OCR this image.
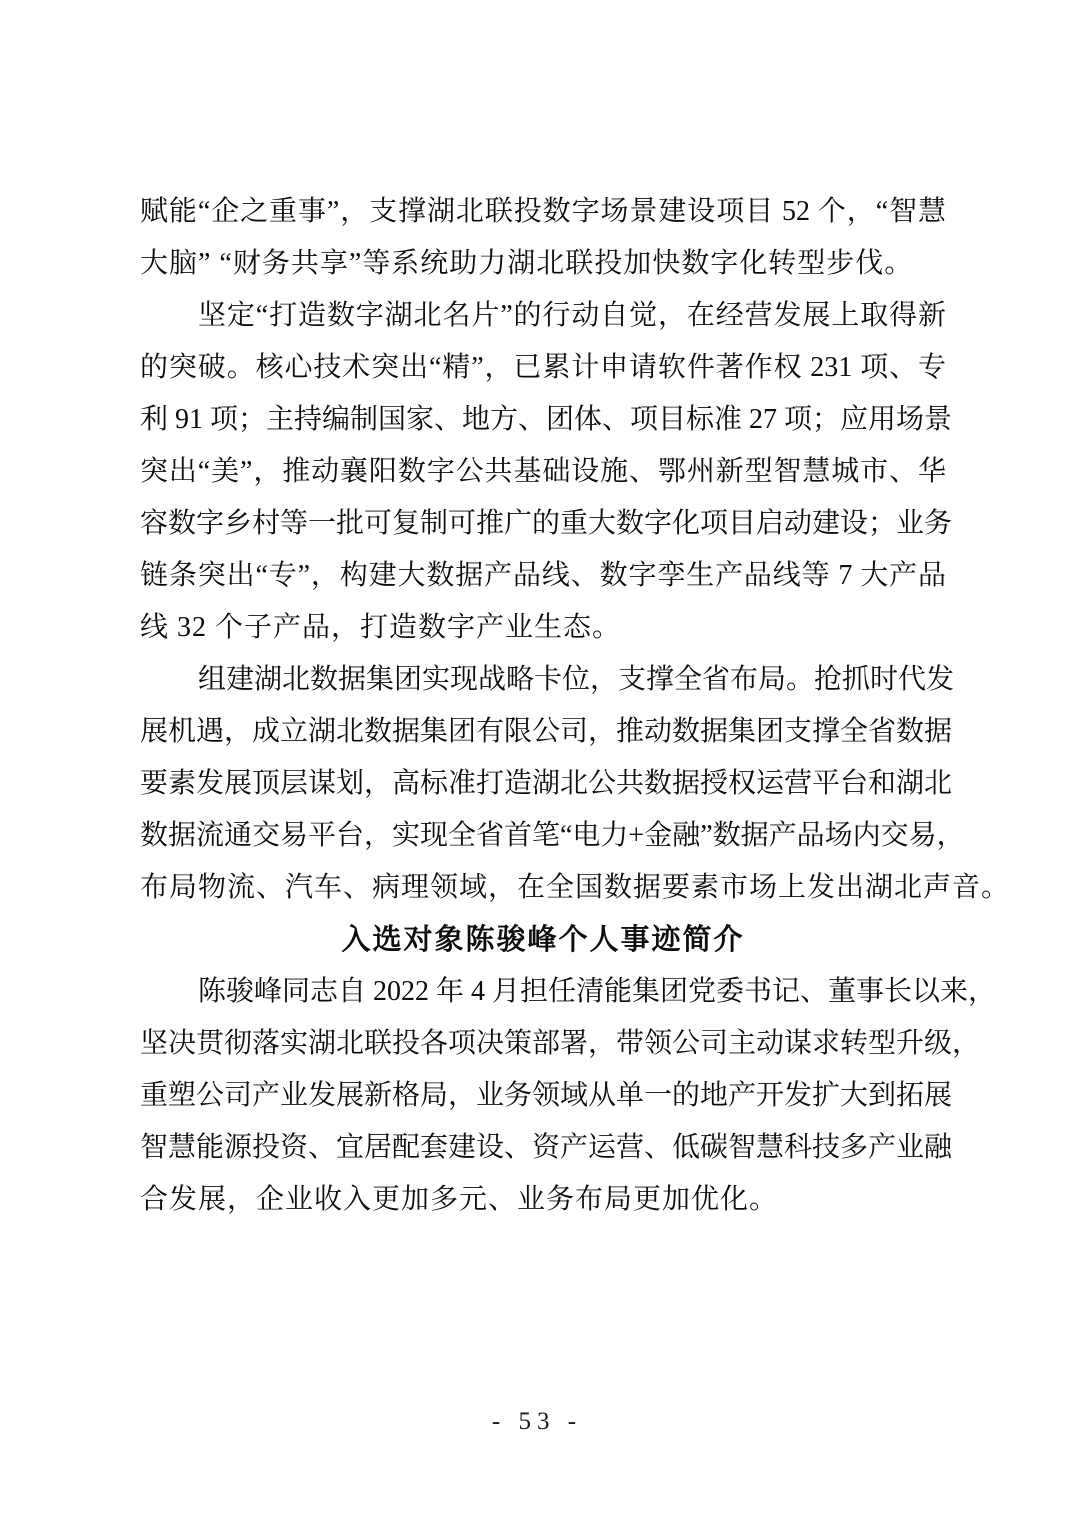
赋能“企之重事”，支撑湖北联投数字场景建设项目 52 个，“智慧
大脑” “财务共享”等系统助力湖北联投加快数字化转型步伐。
坚定“打造数字湖北名片”的行动自觉，在经营发展上取得新
的突破。核心技术突出“精”，已累计申请软件著作权 231 项、专
利 91 项；主持编制国家、地方、团体、项目标准 27 项；应用场景
突出“美”，推动襄阳数字公共基础设施、鄂州新型智慧城市、华
容数字乡村等一批可复制可推广的重大数字化项目启动建设；业务
链条突出“专”，构建大数据产品线、数字孪生产品线等 7 大产品
线 32 个子产品，打造数字产业生态。
组建湖北数据集团实现战略卡位，支撑全省布局。抢抓时代发
展机遇，成立湖北数据集团有限公司，推动数据集团支撑全省数据
要素发展顶层谋划，高标准打造湖北公共数据授权运营平台和湖北
数据流通交易平台，实现全省首笔“电力+金融”数据产品场内交易，
布局物流、汽车、病理领域，在全国数据要素市场上发出湖北声音。
入选对象陈骏峰个人事迹简介
陈骏峰同志自 2022 年 4 月担任清能集团党委书记、董事长以来，
坚决贯彻落实湖北联投各项决策部署，带领公司主动谋求转型升级，
重塑公司产业发展新格局，业务领域从单一的地产开发扩大到拓展
智慧能源投资、宜居配套建设、资产运营、低碳智慧科技多产业融
合发展，企业收入更加多元、业务布局更加优化。
- 53 -
